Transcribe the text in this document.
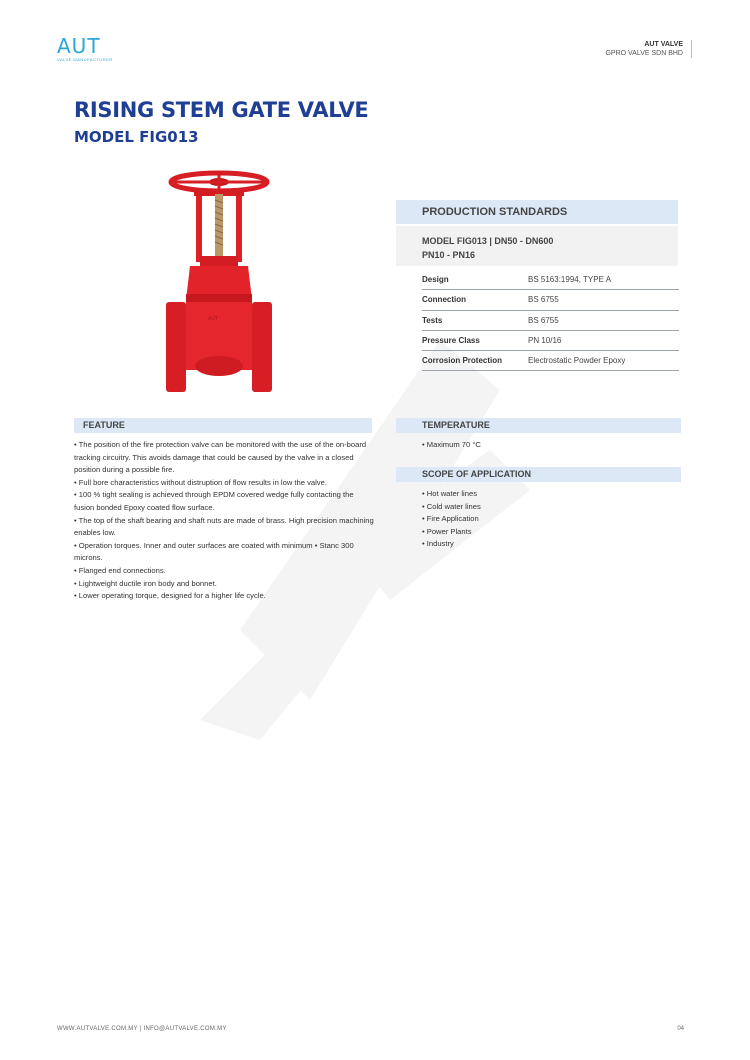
AUT
VALVE MANUFACTURER
AUT VALVE
GPRO VALVE SDN BHD
RISING STEM GATE VALVE
MODEL FIG013
AUT
PRODUCTION STANDARDS
MODEL FIG013 | DN50 - DN600
PN10 - PN16
Design	BS 5163:1994, TYPE A
Connection	BS 6755
Tests	BS 6755
Pressure Class	PN 10/16
Corrosion Protection	Electrostatic Powder Epoxy
FEATURE
• The position of the fire protection valve can be monitored with the use of the on-board tracking circuitry. This avoids damage that could be caused by the valve in a closed position during a possible fire.
• Full bore characteristics without distruption of flow results in low the valve.
• 100 % tight sealing is achieved through EPDM covered wedge fully contacting the fusion bonded Epoxy coated flow surface.
• The top of the shaft bearing and shaft nuts are made of brass. High precision machining enables low.
• Operation torques. Inner and outer surfaces are coated with minimum • Stanc 300 microns.
• Flanged end connections.
• Lightweight ductile iron body and bonnet.
• Lower operating torque, designed for a higher life cycle.
TEMPERATURE
• Maximum 70 °C
SCOPE OF APPLICATION
• Hot water lines
• Cold water lines
• Fire Application
• Power Plants
• Industry
WWW.AUTVALVE.COM.MY | INFO@AUTVALVE.COM.MY	04
